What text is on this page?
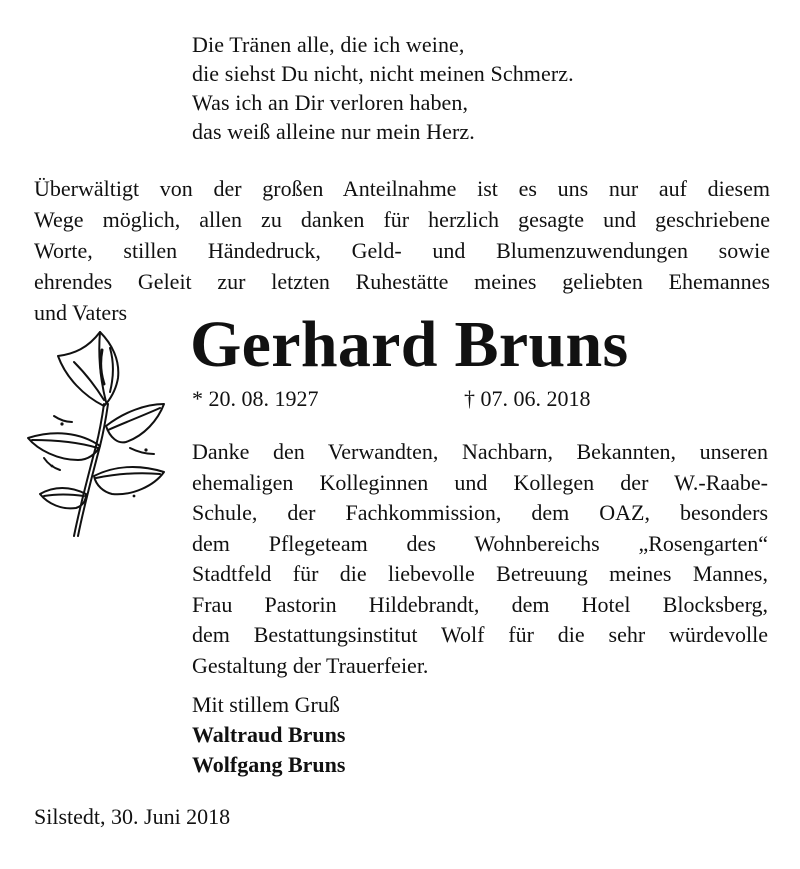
Die Tränen alle, die ich weine,
die siehst Du nicht, nicht meinen Schmerz.
Was ich an Dir verloren haben,
das weiß alleine nur mein Herz.
Überwältigt von der großen Anteilnahme ist es uns nur auf diesem
Wege möglich, allen zu danken für herzlich gesagte und geschriebene
Worte, stillen Händedruck, Geld- und Blumenzuwendungen sowie
ehrendes Geleit zur letzten Ruhestätte meines geliebten Ehemannes
und Vaters Gerhard Bruns
* 20. 08. 1927	† 07. 06. 2018
Danke den Verwandten, Nachbarn, Bekannten, unseren
ehemaligen Kolleginnen und Kollegen der W.-Raabe-
Schule, der Fachkommission, dem OAZ, besonders
dem Pflegeteam des Wohnbereichs „Rosengarten“
Stadtfeld für die liebevolle Betreuung meines Mannes,
Frau Pastorin Hildebrandt, dem Hotel Blocksberg,
dem Bestattungsinstitut Wolf für die sehr würdevolle
Gestaltung der Trauerfeier.
Mit stillem Gruß
Waltraud Bruns
Wolfgang Bruns
Silstedt, 30. Juni 2018
